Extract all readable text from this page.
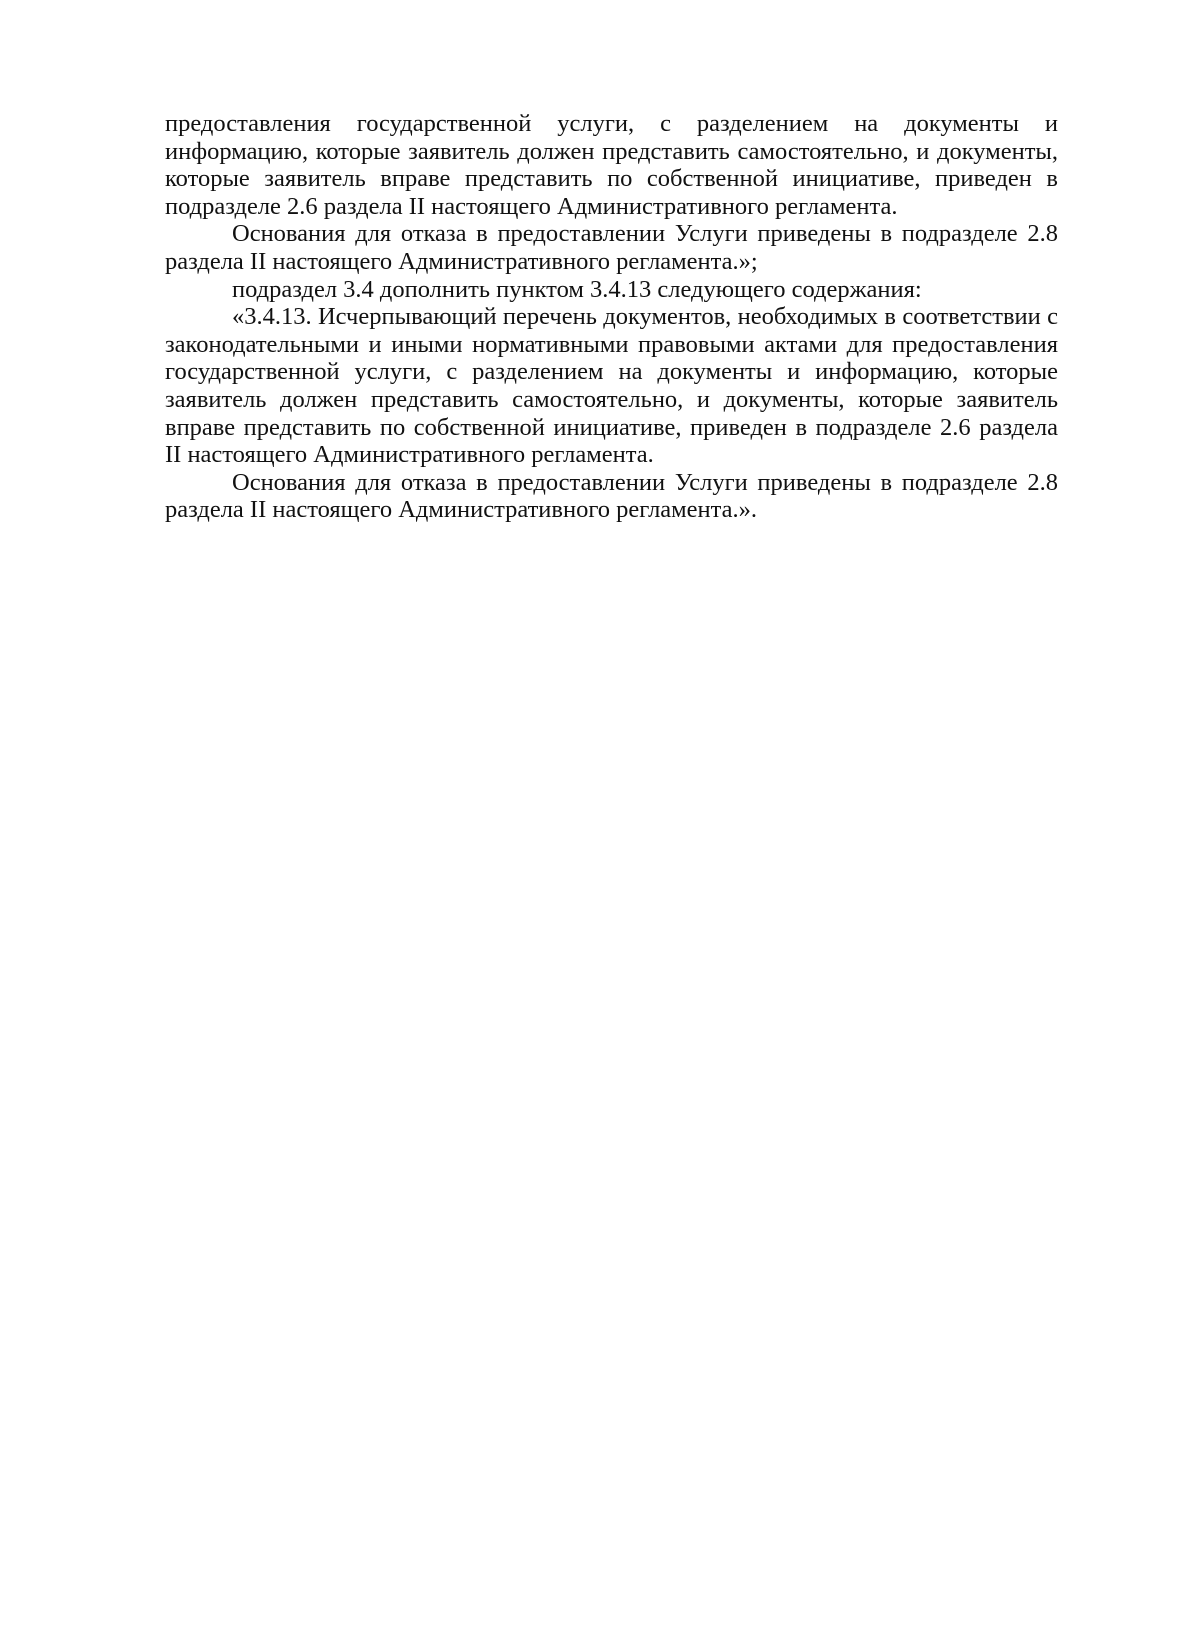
предоставления государственной услуги, с разделением на документы и информацию, которые заявитель должен представить самостоятельно, и документы, которые заявитель вправе представить по собственной инициативе, приведен в подразделе 2.6 раздела II настоящего Административного регламента.

Основания для отказа в предоставлении Услуги приведены в подразделе 2.8 раздела II настоящего Административного регламента.»;

подраздел 3.4 дополнить пунктом 3.4.13 следующего содержания:

«3.4.13. Исчерпывающий перечень документов, необходимых в соответствии с законодательными и иными нормативными правовыми актами для предоставления государственной услуги, с разделением на документы и информацию, которые заявитель должен представить самостоятельно, и документы, которые заявитель вправе представить по собственной инициативе, приведен в подразделе 2.6 раздела II настоящего Административного регламента.

Основания для отказа в предоставлении Услуги приведены в подразделе 2.8 раздела II настоящего Административного регламента.».
